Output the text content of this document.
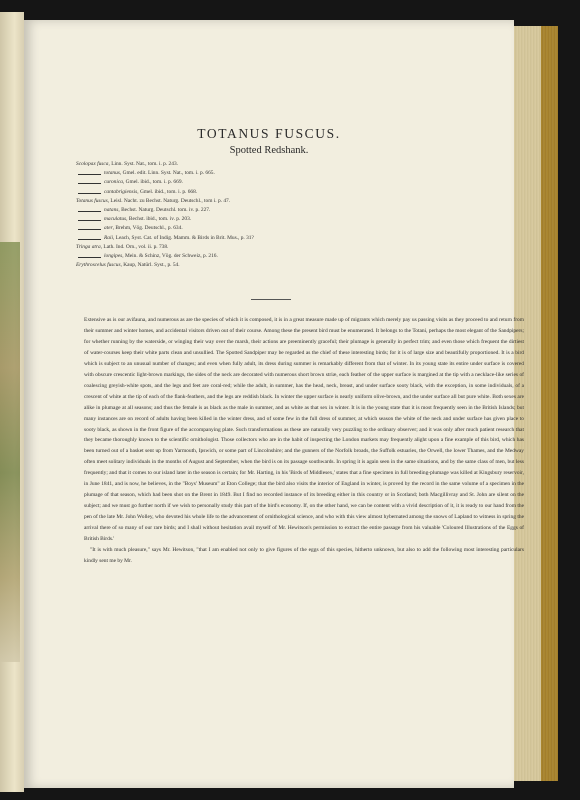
TOTANUS FUSCUS.
Spotted Redshank.
Scolopax fusca, Linn. Syst. Nat., tom. i. p. 243.
totanus, Gmel. edit. Linn. Syst. Nat., tom. i. p. 665.
curonica, Gmel. ibid., tom. i. p. 669.
cantabrigiensis, Gmel. ibid., tom. i. p. 668.
Totanus fuscus, Leisl. Nacht. zu Bechst. Naturg. Deutschl., tom i. p. 47.
natans, Bechst. Naturg. Deutschl. tom. iv. p. 227.
maculatus, Bechst. ibid., tom. iv. p. 203.
ater, Brehm, Vög. Deutschl., p. 634.
Raii, Leach, Syst. Cat. of Indig. Mamm. & Birds in Brit. Mus., p. 31?
Tringa atra, Lath. Ind. Orn., vol. ii. p. 738.
longipes, Mein. & Schinz, Vög. der Schweiz, p. 216.
Erythroscelus fuscus, Kaup, Natürl. Syst., p. 54.

Extensive as is our avifauna, and numerous as are the species of which it is composed, it is in a great measure made up of migrants which merely pay us passing visits as they proceed to and return from their summer and winter homes, and accidental visitors driven out of their course. Among these the present bird must be enumerated. It belongs to the Totani, perhaps the most elegant of the Sandpipers; for whether running by the waterside, or winging their way over the marsh, their actions are preeminently graceful; their plumage is generally in perfect trim; and even those which frequent the dirtiest of water-courses keep their white parts clean and unsullied. The Spotted Sandpiper may be regarded as the chief of these interesting birds; for it is of large size and beautifully proportioned. It is a bird which is subject to an unusual number of changes; and even when fully adult, its dress during summer is remarkably different from that of winter. In its young state its entire under surface is covered with obscure crescentic light-brown markings, the sides of the neck are decorated with numerous short brown striæ, each feather of the upper surface is margined at the tip with a necklace-like series of coalescing greyish-white spots, and the legs and feet are coral-red; while the adult, in summer, has the head, neck, breast, and under surface sooty black, with the exception, in some individuals, of a crescent of white at the tip of each of the flank-feathers, and the legs are reddish black. In winter the upper surface is nearly uniform olive-brown, and the under surface all but pure white. Both sexes are alike in plumage at all seasons; and thus the female is as black as the male in summer, and as white as that sex in winter. It is in the young state that it is most frequently seen in the British Islands; but many instances are on record of adults having been killed in the winter dress, and of some few in the full dress of summer, at which season the white of the neck and under surface has given place to sooty black, as shown in the front figure of the accompanying plate. Such transformations as these are naturally very puzzling to the ordinary observer; and it was only after much patient research that they became thoroughly known to the scientific ornithologist. Those collectors who are in the habit of inspecting the London markets may frequently alight upon a fine example of this bird, which has been turned out of a basket sent up from Yarmouth, Ipswich, or some part of Lincolnshire; and the gunners of the Norfolk broads, the Suffolk estuaries, the Orwell, the lower Thames, and the Medway often meet solitary individuals in the months of August and September, when the bird is on its passage southwards. In spring it is again seen in the same situations, and by the same class of men, but less frequently; and that it comes to our island later in the season is certain; for Mr. Harting, in his 'Birds of Middlesex,' states that a fine specimen in full breeding-plumage was killed at Kingsbury reservoir, in June 1841, and is now, he believes, in the "Boys' Museum" at Eton College; that the bird also visits the interior of England in winter, is proved by the record in the same volume of a specimen in the plumage of that season, which had been shot on the Brent in 1849. But I find no recorded instance of its breeding either in this country or in Scotland; both Macgillivray and St. John are silent on the subject; and we must go further north if we wish to personally study this part of the bird's economy. If, on the other hand, we can be content with a vivid description of it, it is ready to our hand from the pen of the late Mr. John Wolley, who devoted his whole life to the advancement of ornithological science, and who with this view almost hybernated among the snows of Lapland to witness in spring the arrival there of so many of our rare birds; and I shall without hesitation avail myself of Mr. Hewitson's permission to extract the entire passage from his valuable 'Coloured Illustrations of the Eggs of British Birds.'

"It is with much pleasure," says Mr. Hewitson, "that I am enabled not only to give figures of the eggs of this species, hitherto unknown, but also to add the following most interesting particulars kindly sent me by Mr.
